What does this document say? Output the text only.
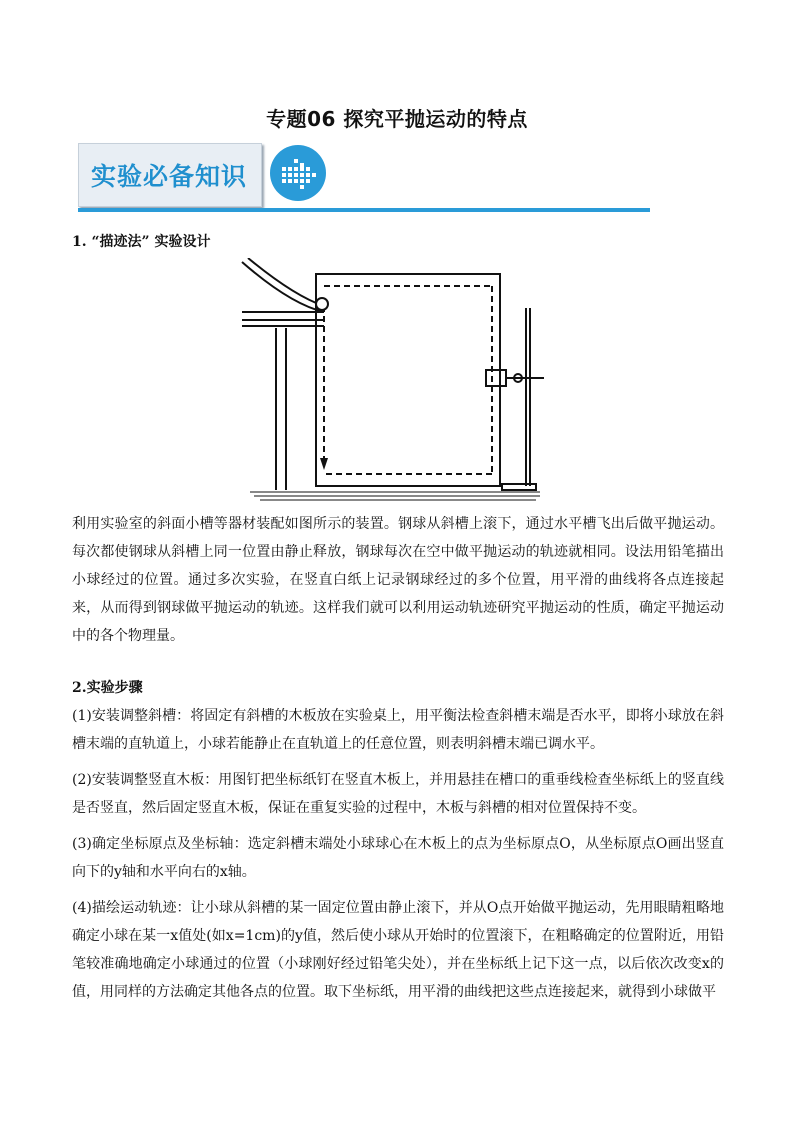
专题06 探究平抛运动的特点
实验必备知识

1. “描迹法” 实验设计

利用实验室的斜面小槽等器材装配如图所示的装置。钢球从斜槽上滚下，通过水平槽飞出后做平抛运动。每次都使钢球从斜槽上同一位置由静止释放，钢球每次在空中做平抛运动的轨迹就相同。设法用铅笔描出小球经过的位置。通过多次实验，在竖直白纸上记录钢球经过的多个位置，用平滑的曲线将各点连接起来，从而得到钢球做平抛运动的轨迹。这样我们就可以利用运动轨迹研究平抛运动的性质，确定平抛运动中的各个物理量。

2.实验步骤

(1)安装调整斜槽：将固定有斜槽的木板放在实验桌上，用平衡法检查斜槽末端是否水平，即将小球放在斜槽末端的直轨道上，小球若能静止在直轨道上的任意位置，则表明斜槽末端已调水平。

(2)安装调整竖直木板：用图钉把坐标纸钉在竖直木板上，并用悬挂在槽口的重垂线检查坐标纸上的竖直线是否竖直，然后固定竖直木板，保证在重复实验的过程中，木板与斜槽的相对位置保持不变。

(3)确定坐标原点及坐标轴：选定斜槽末端处小球球心在木板上的点为坐标原点O，从坐标原点O画出竖直向下的y轴和水平向右的x轴。

(4)描绘运动轨迹：让小球从斜槽的某一固定位置由静止滚下，并从O点开始做平抛运动，先用眼睛粗略地确定小球在某一x值处(如x=1cm)的y值，然后使小球从开始时的位置滚下，在粗略确定的位置附近，用铅笔较准确地确定小球通过的位置（小球刚好经过铅笔尖处），并在坐标纸上记下这一点，以后依次改变x的值，用同样的方法确定其他各点的位置。取下坐标纸，用平滑的曲线把这些点连接起来，就得到小球做平
